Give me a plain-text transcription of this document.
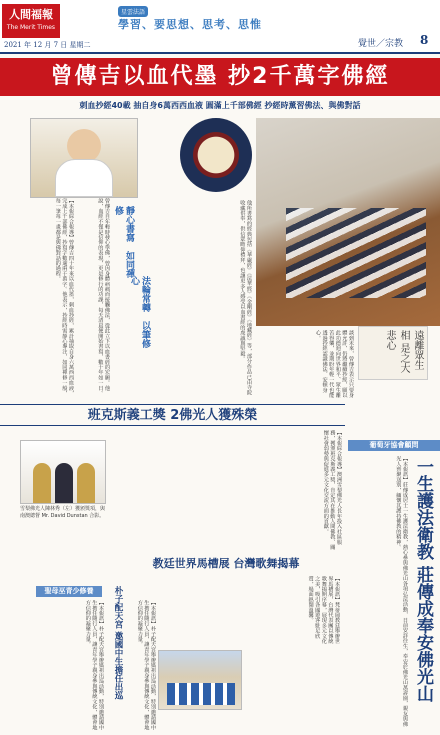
人間福報
The Merit Times
2021 年 12 月 7 日 星期二
星雲法語
學習、要思想、思考、思惟
覺世／宗教 8
曾傳吉以血代墨 抄2千萬字佛經
刺血抄經40載 抽自身6萬西西血液 圓滿上千部佛經 抄經時薰習佛法、與佛對話
【本報綜合報導】曾傳吉四十年來以血代墨，刺血抄經，累計抽取自身六萬西西血液，完成上千部佛經，抄寫字數逾兩千萬字。他表示，抄經時需靜心專注，如同禪修一般，每一筆每一畫都是與佛對話的過程。	曾傳吉自年輕時發心學佛，曾因身體病痛而接觸佛法，從此立下以血書經的宏願。他說，血經不僅是信仰的表現，更是修行的功課，每天清晨便開始書寫，數十年如一日。	靜心書寫　如同禪修
法輪常轉　以筆修心	他所書寫的經典包括《華嚴經》《法華經》《金剛經》《地藏經》等，部分作品已由寺院收藏供奉，供信眾瞻仰禮拜，也讓更多人感受以血書經的虔誠與堅毅。
談到未來，曾傳吉表示只要身體允許，仍將繼續抄經，願以此功德迴向世界和平、眾生離苦得樂，並期盼年輕一代也能透過抄經認識佛法、安頓身心。	遠離眾生相 是之大悲心
班克斯義工獎 2佛光人獲殊榮
雪梨佛光人陳林秀（左）獲頒獎項，與南澳總督 Mr. David Dunstan 合影。	【本報綜合報導】澳洲雪梨佛光人長年投入社區服務，獲頒班克斯義工獎，肯定其在推動人間佛教、關懷社會弱勢與促進多元文化交流方面的貢獻。	葡萄牙協會顧問
教廷世界馬槽展 台灣歌舞揭幕
【本報訊】梵蒂岡教廷舉辦世界馬槽展，台灣代表團以傳統歌舞揭開序幕，展現多元文化之美，吸引各國遊客駐足欣賞，場面熱鬧溫馨。
聖母巫青少修養
【本報訊】朴子配天宮舉辦媽祖出巡活動，特別邀請國中生擔任隨行人員，讓青年學子親身參與傳統文化，體會地方信仰的凝聚力量。	朴子配天宮 邀國中生擔任出巡	【本報訊】朴子配天宮舉辦媽祖出巡活動，特別邀請國中生擔任隨行人員，讓青年學子親身參與傳統文化，體會地方信仰的凝聚力量。	【本報訊】莊傳成居士一生護法衛教，熱心參與佛光山各項弘法活動，日前安詳往生，奉安於佛光山萬壽園，親友與佛光人齊聚送別，緬懷其護持佛教的精神。 一生護法衛教 莊傳成奉安佛光山
